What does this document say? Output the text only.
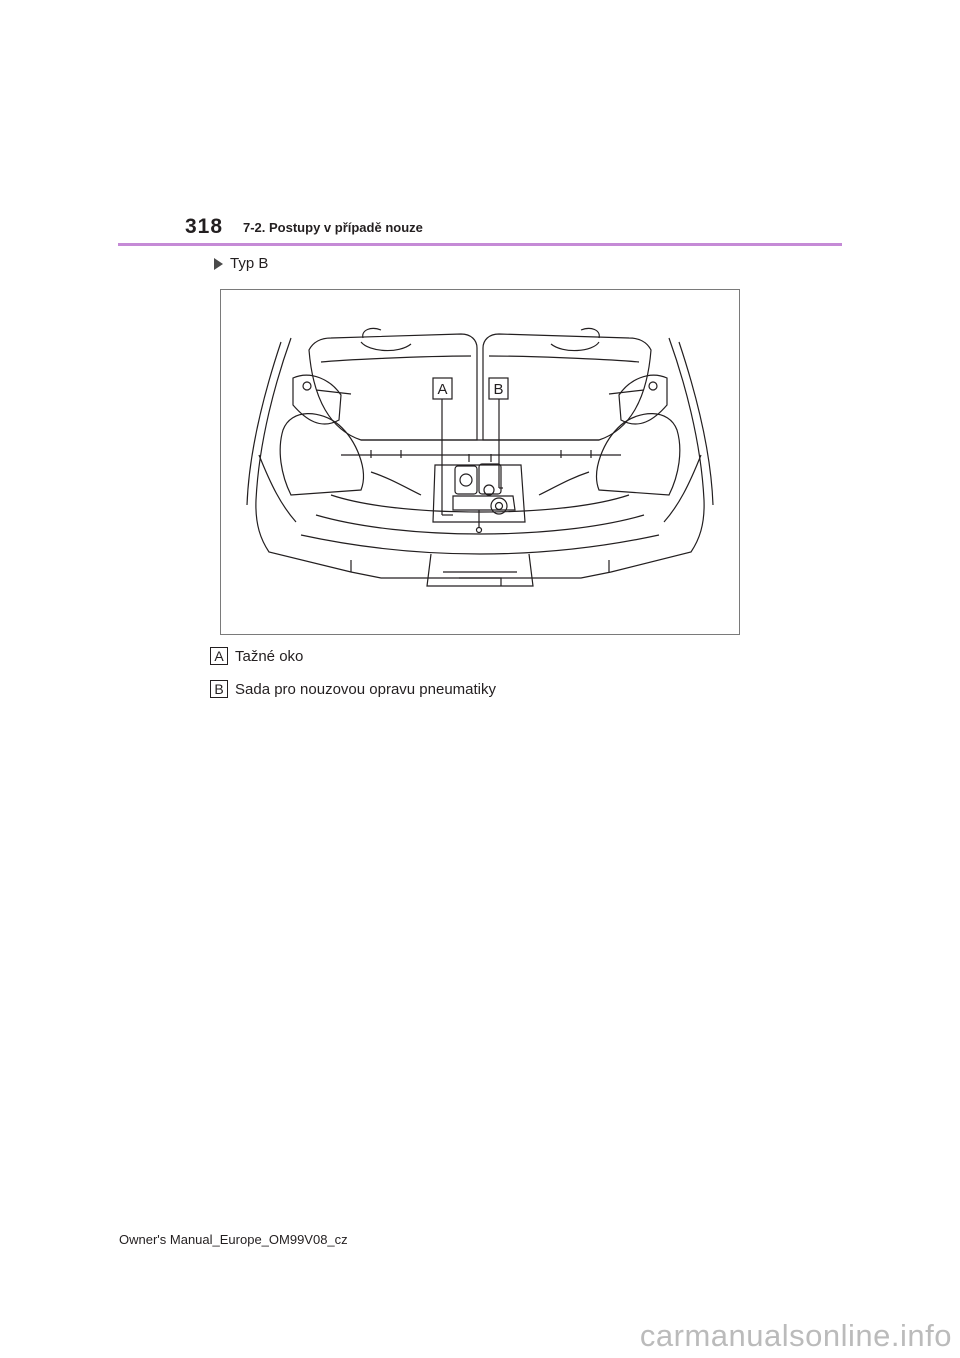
318 7-2. Postupy v případě nouze
Typ B
A	B
A Tažné oko
B Sada pro nouzovou opravu pneumatiky
Owner's Manual_Europe_OM99V08_cz
carmanualsonline.info
